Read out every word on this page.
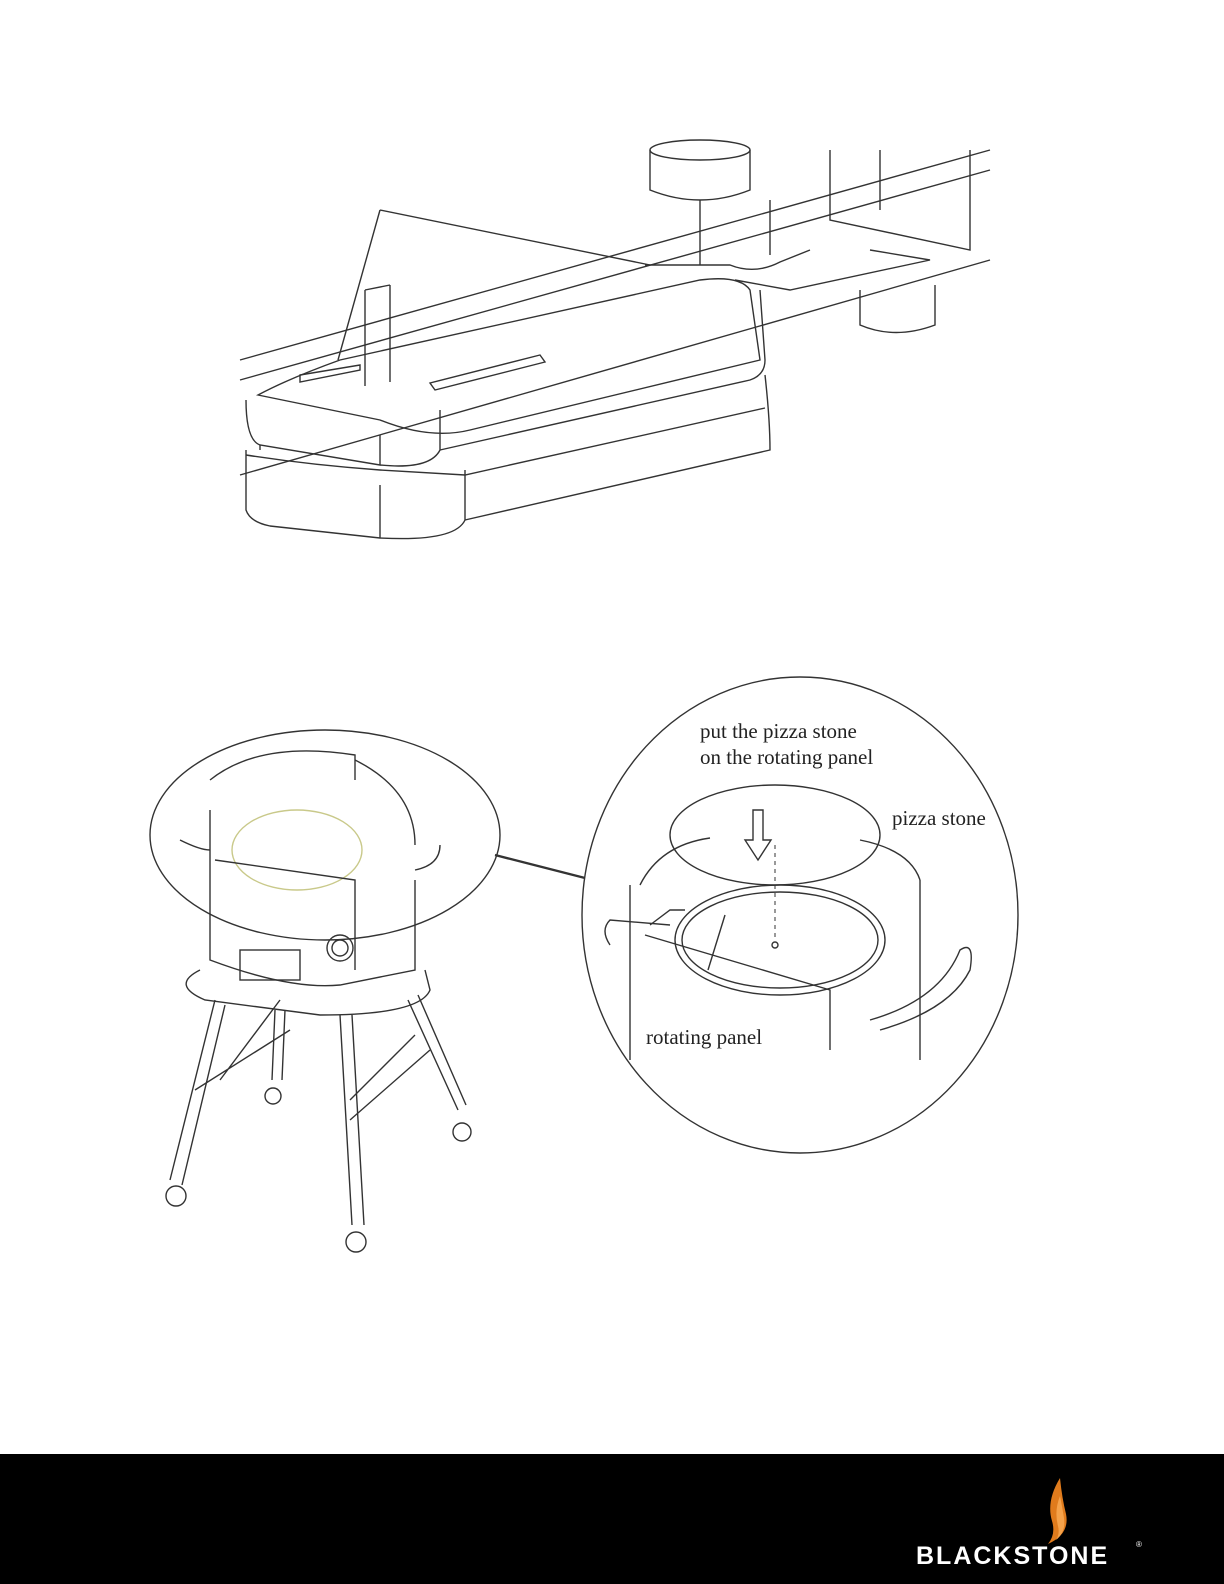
put the pizza stone
on the rotating panel
pizza stone
rotating panel
BLACKSTONE	®
